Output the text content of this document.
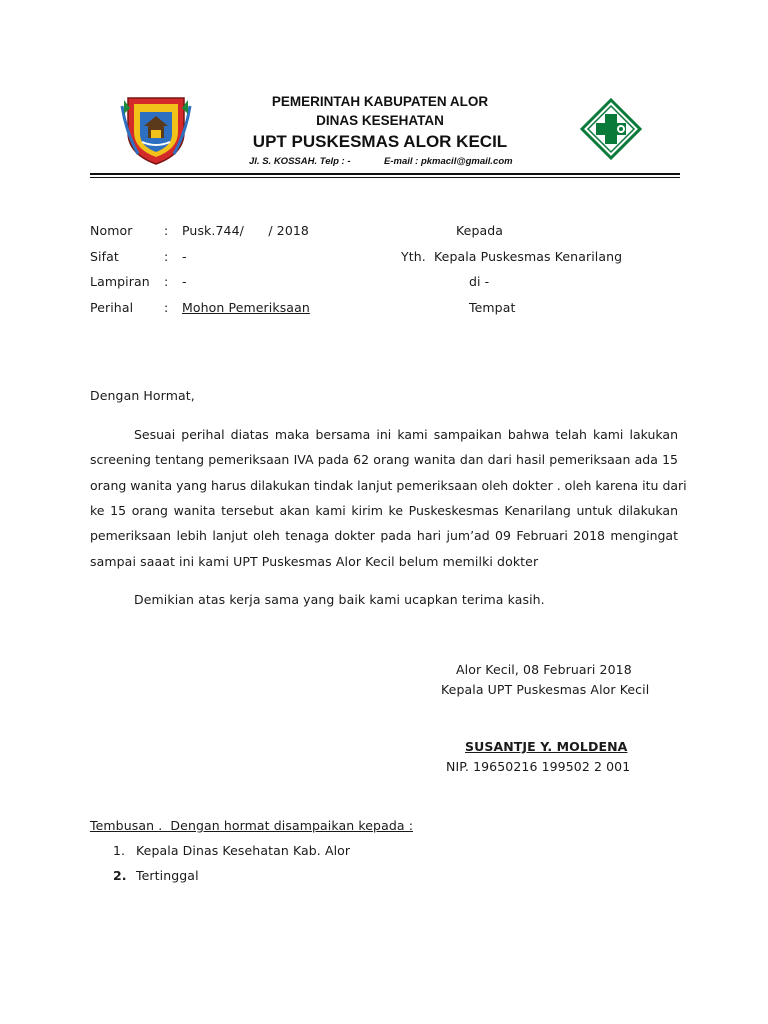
PEMERINTAH KABUPATEN ALOR
DINAS KESEHATAN
UPT PUSKESMAS ALOR KECIL
Jl. S. KOSSAH. Telp : -	E-mail : pkmacil@gmail.com
Nomor	: Pusk.744/      / 2018
Sifat	: -
Lampiran : -
Perihal : Mohon Pemeriksaan
Kepada
Yth.  Kepala Puskesmas Kenarilang
di -
Tempat
Dengan Hormat,
Sesuai perihal diatas maka bersama ini kami sampaikan bahwa telah kami lakukan
screening tentang pemeriksaan IVA pada 62 orang wanita dan dari hasil pemeriksaan ada 15
orang wanita yang harus dilakukan tindak lanjut pemeriksaan oleh dokter . oleh karena itu dari
ke 15 orang wanita tersebut akan kami kirim ke Puskeskesmas Kenarilang untuk dilakukan
pemeriksaan lebih lanjut oleh tenaga dokter pada hari jum’ad 09 Februari 2018 mengingat
sampai saaat ini kami UPT Puskesmas Alor Kecil belum memilki dokter
Demikian atas kerja sama yang baik kami ucapkan terima kasih.
Alor Kecil, 08 Februari 2018
Kepala UPT Puskesmas Alor Kecil
SUSANTJE Y. MOLDENA
NIP. 19650216 199502 2 001
Tembusan .  Dengan hormat disampaikan kepada :
1. Kepala Dinas Kesehatan Kab. Alor
2. Tertinggal
